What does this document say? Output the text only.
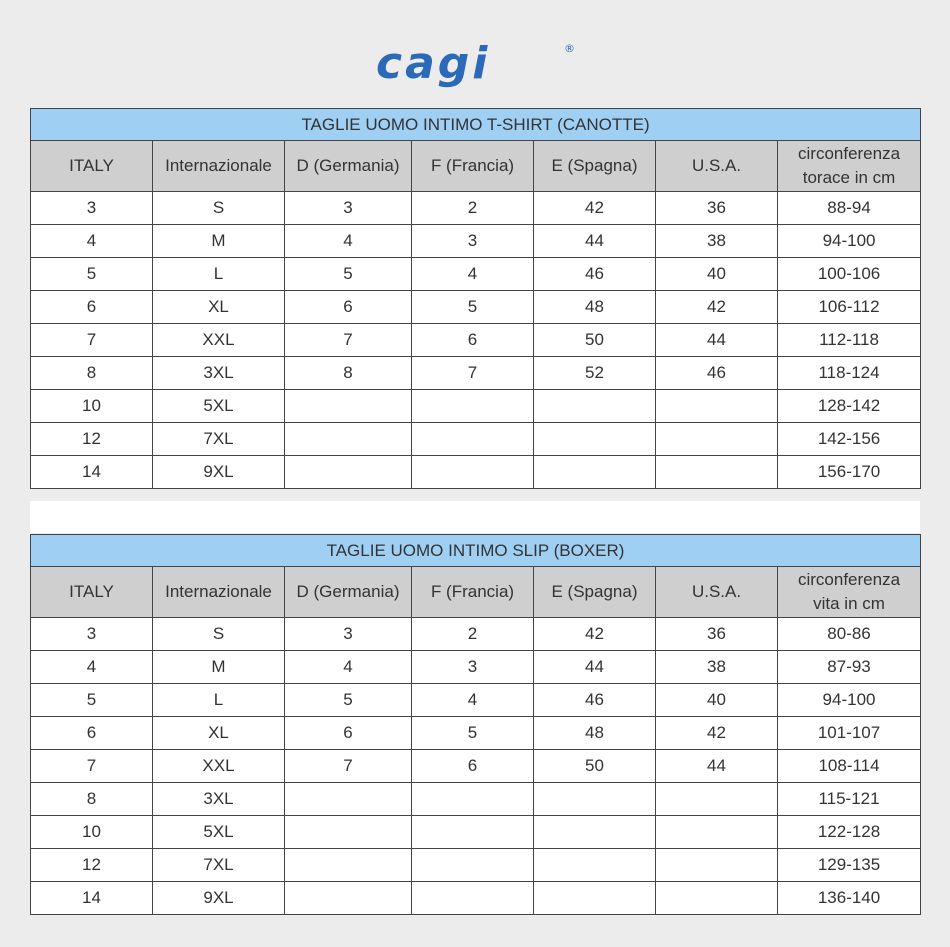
cagi	®
TAGLIE UOMO INTIMO T-SHIRT (CANOTTE)						
ITALY	Internazionale	D (Germania)	F (Francia)	E (Spagna)	U.S.A.	circonferenza
torace in cm
3	S	3	2	42	36	88-94
4	M	4	3	44	38	94-100
5	L	5	4	46	40	100-106
6	XL	6	5	48	42	106-112
7	XXL	7	6	50	44	112-118
8	3XL	8	7	52	46	118-124
10	5XL					128-142
12	7XL					142-156
14	9XL					156-170
TAGLIE UOMO INTIMO SLIP (BOXER)						
ITALY	Internazionale	D (Germania)	F (Francia)	E (Spagna)	U.S.A.	circonferenza
vita in cm
3	S	3	2	42	36	80-86
4	M	4	3	44	38	87-93
5	L	5	4	46	40	94-100
6	XL	6	5	48	42	101-107
7	XXL	7	6	50	44	108-114
8	3XL					115-121
10	5XL					122-128
12	7XL					129-135
14	9XL					136-140
